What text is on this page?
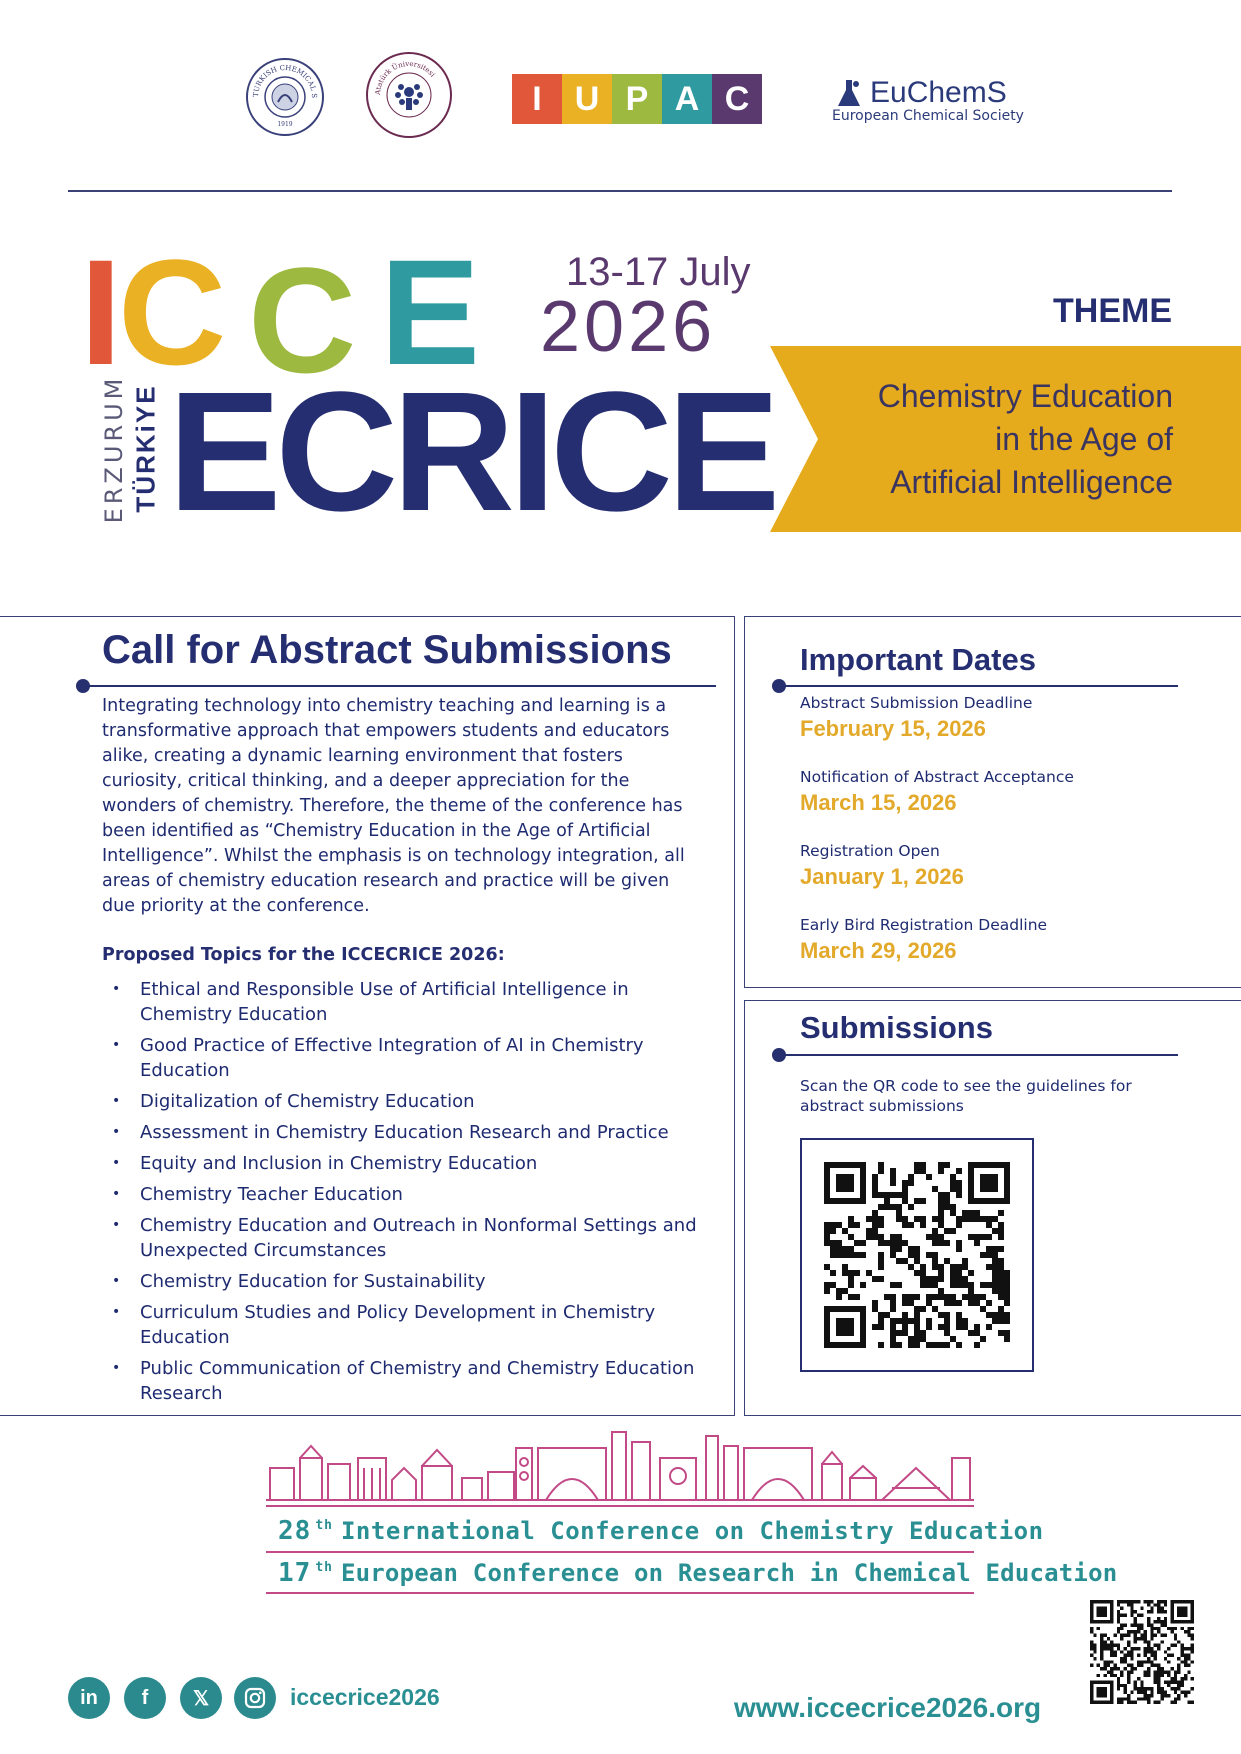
TURKISH CHEMICAL S
1919
Atatürk Üniversitesi
I U P A C	EuChemS
European Chemical Society
I
C C E
ECRICE
ERZURUM TÜRKiYE
13-17 July
2026	THEME
Chemistry Education
in the Age of
Artificial Intelligence
Call for Abstract Submissions
Integrating technology into chemistry teaching and learning is a transformative approach that empowers students and educators alike, creating a dynamic learning environment that fosters curiosity, critical thinking, and a deeper appreciation for the wonders of chemistry. Therefore, the theme of the conference has been identified as “Chemistry Education in the Age of Artificial Intelligence”. Whilst the emphasis is on technology integration, all areas of chemistry education research and practice will be given due priority at the conference.
Proposed Topics for the ICCECRICE 2026:
• Ethical and Responsible Use of Artificial Intelligence in Chemistry Education
• Good Practice of Effective Integration of AI in Chemistry Education
• Digitalization of Chemistry Education
• Assessment in Chemistry Education Research and Practice
• Equity and Inclusion in Chemistry Education
• Chemistry Teacher Education
• Chemistry Education and Outreach in Nonformal Settings and Unexpected Circumstances
• Chemistry Education for Sustainability
• Curriculum Studies and Policy Development in Chemistry Education
• Public Communication of Chemistry and Chemistry Education Research
Important Dates
Abstract Submission Deadline
February 15, 2026
Notification of Abstract Acceptance
March 15, 2026
Registration Open
January 1, 2026
Early Bird Registration Deadline
March 29, 2026
Submissions
Scan the QR code to see the guidelines for abstract submissions
28 $^{th}$ International Conference on Chemistry Education
17 $^{th}$ European Conference on Research in Chemical Education
in	f	𝕏	iccecrice2026	www.iccecrice2026.org
